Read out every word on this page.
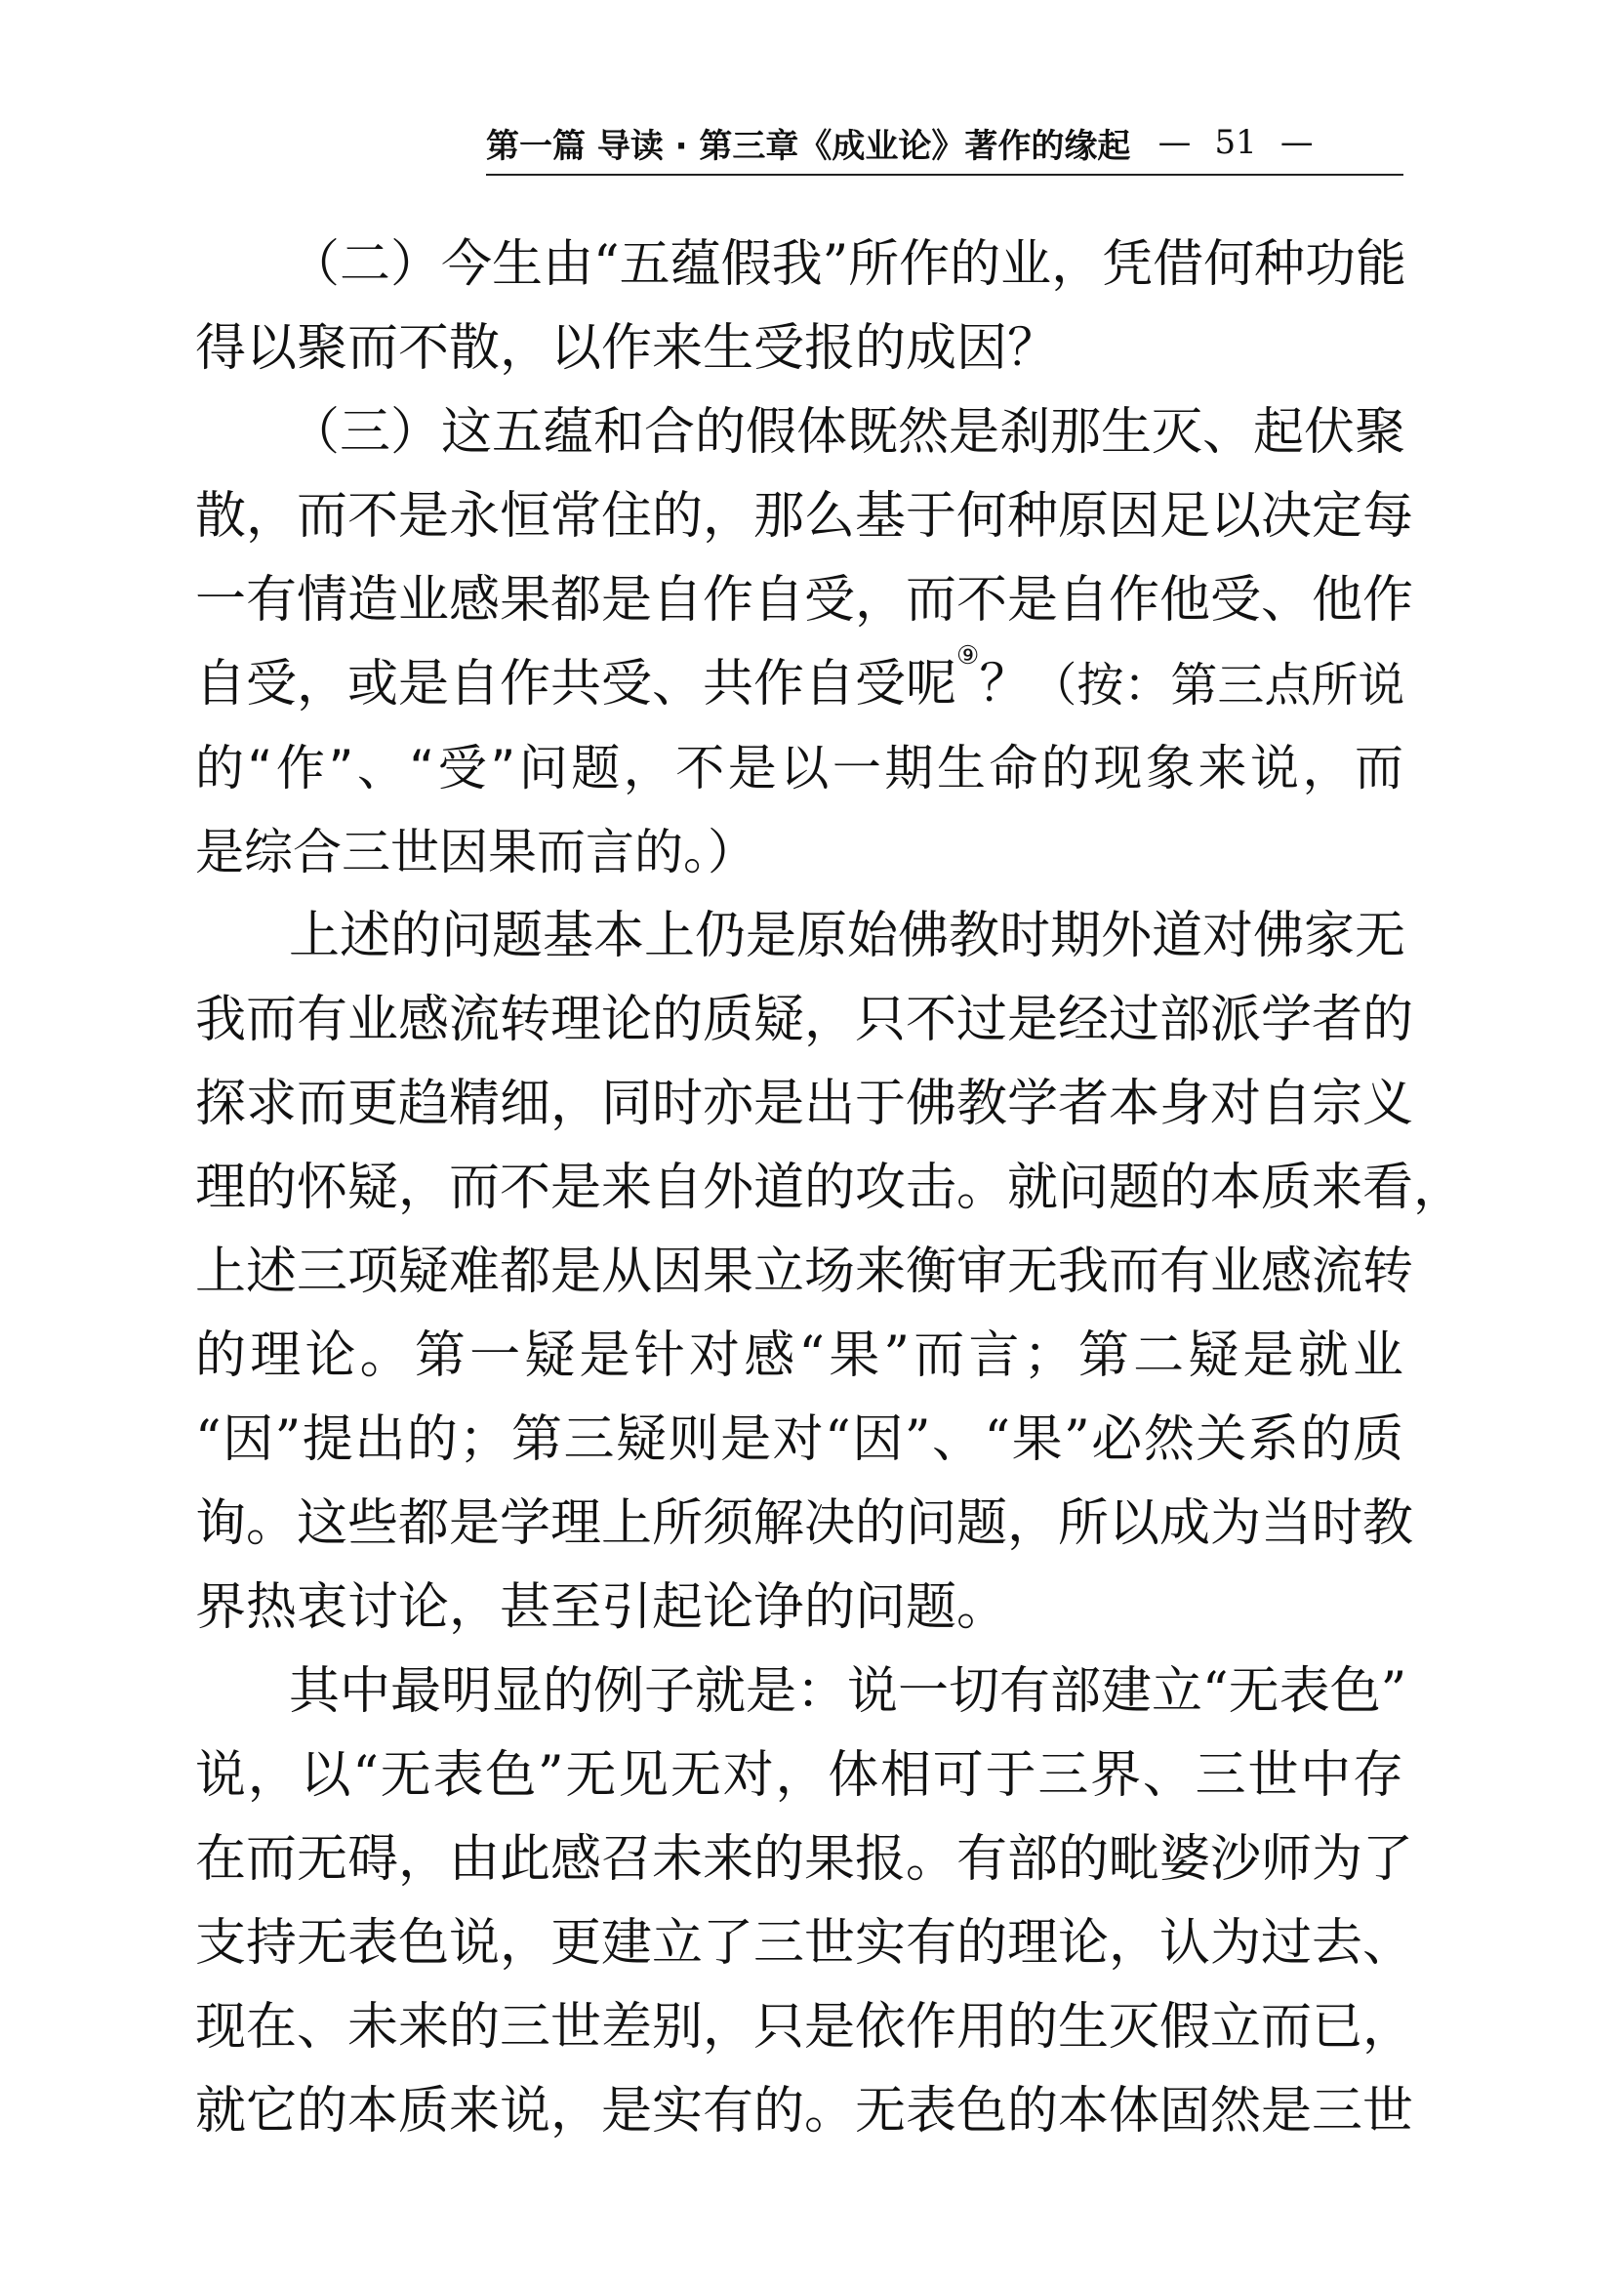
第一篇 导读 · 第三章《成业论》著作的缘起 — 51 —
（二）今生由“五蕴假我”所作的业，凭借何种功能
得以聚而不散，以作来生受报的成因？
（三）这五蕴和合的假体既然是刹那生灭、起伏聚
散，而不是永恒常住的，那么基于何种原因足以决定每
一有情造业感果都是自作自受，而不是自作他受、他作
自受，或是自作共受、共作自受呢⑨？（按：第三点所说
的“作”、“受”问题，不是以一期生命的现象来说，而
是综合三世因果而言的。）
上述的问题基本上仍是原始佛教时期外道对佛家无
我而有业感流转理论的质疑，只不过是经过部派学者的
探求而更趋精细，同时亦是出于佛教学者本身对自宗义
理的怀疑，而不是来自外道的攻击。就问题的本质来看，
上述三项疑难都是从因果立场来衡审无我而有业感流转
的理论。第一疑是针对感“果”而言；第二疑是就业
“因”提出的；第三疑则是对“因”、“果”必然关系的质
询。这些都是学理上所须解决的问题，所以成为当时教
界热衷讨论，甚至引起论诤的问题。
其中最明显的例子就是：说一切有部建立“无表色”
说，以“无表色”无见无对，体相可于三界、三世中存
在而无碍，由此感召未来的果报。有部的毗婆沙师为了
支持无表色说，更建立了三世实有的理论，认为过去、
现在、未来的三世差别，只是依作用的生灭假立而已，
就它的本质来说，是实有的。无表色的本体固然是三世
